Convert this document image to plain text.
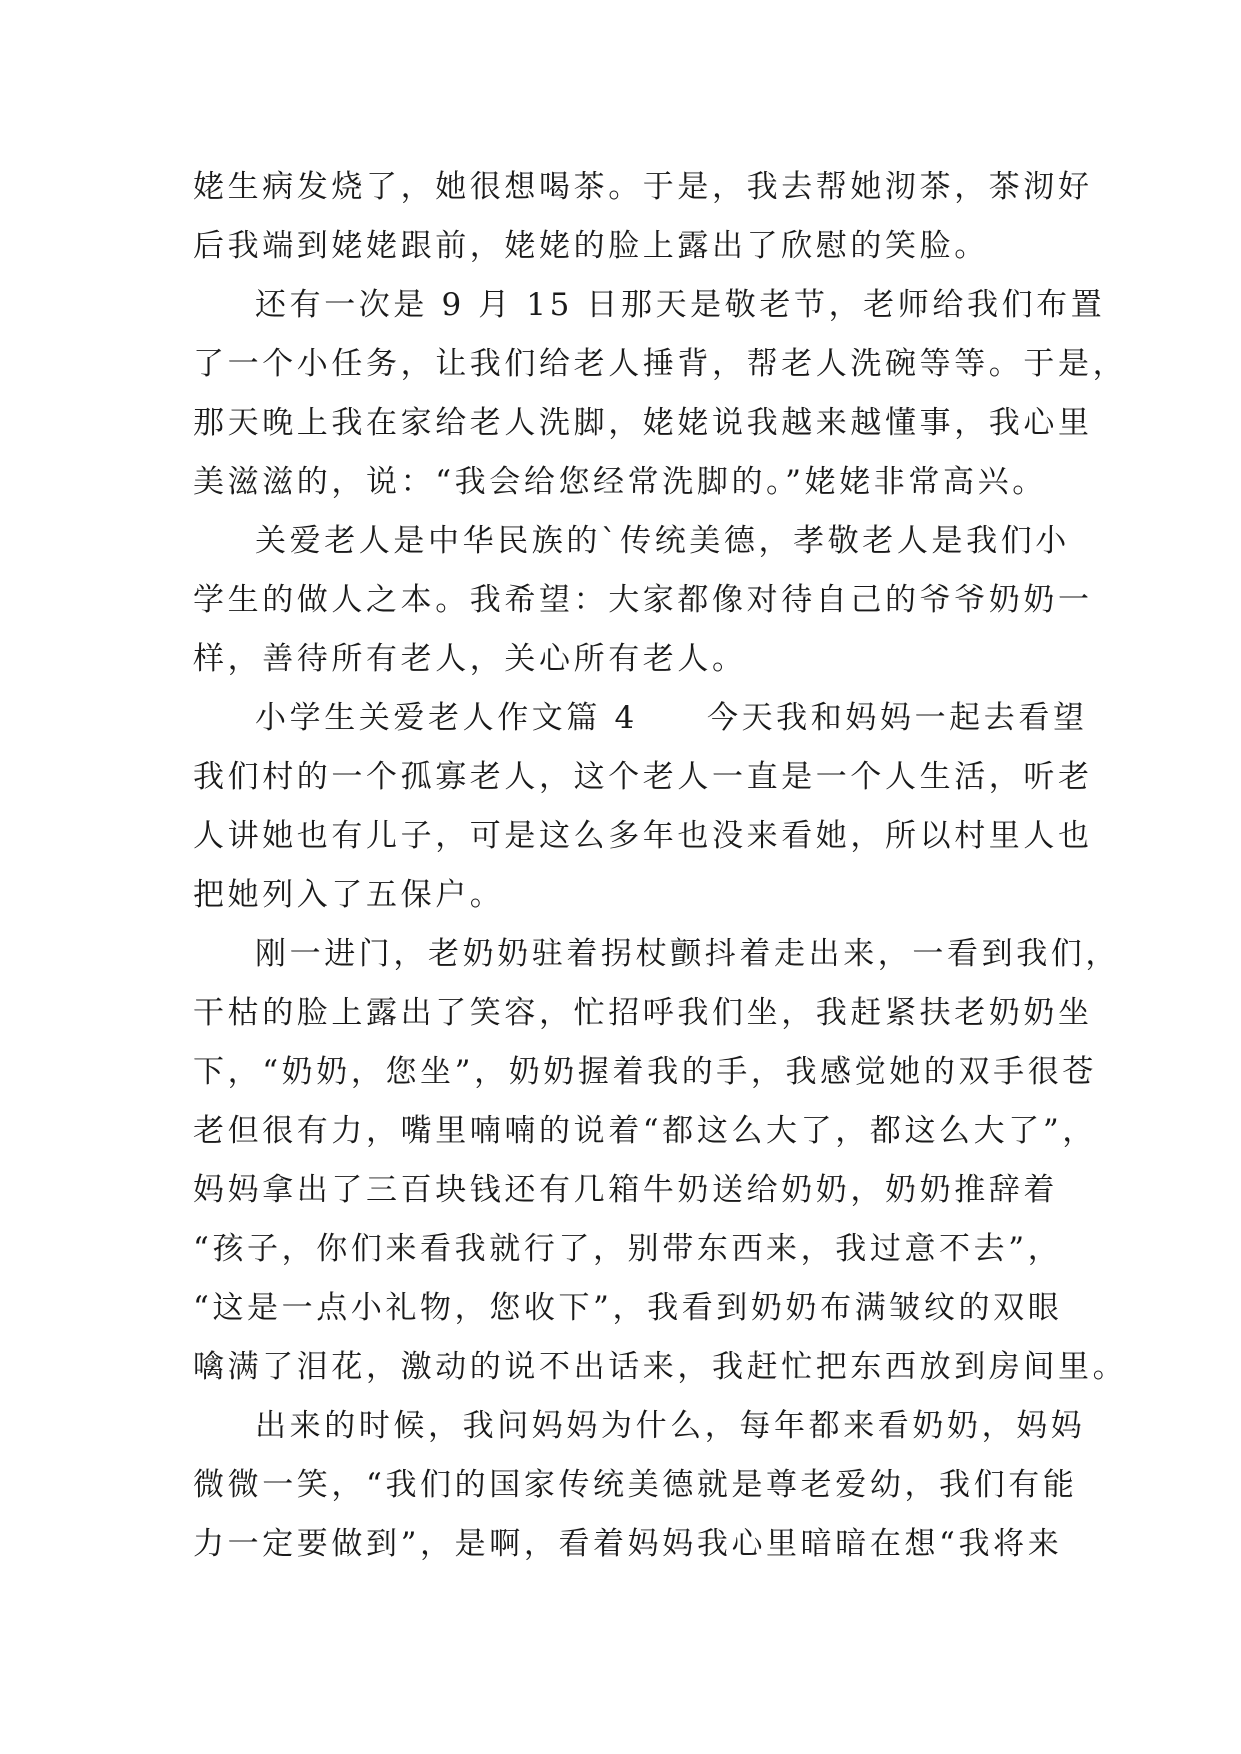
姥生病发烧了，她很想喝茶。于是，我去帮她沏茶，茶沏好
后我端到姥姥跟前，姥姥的脸上露出了欣慰的笑脸。
还有一次是 9 月 15 日那天是敬老节，老师给我们布置
了一个小任务，让我们给老人捶背，帮老人洗碗等等。于是，
那天晚上我在家给老人洗脚，姥姥说我越来越懂事，我心里
美滋滋的，说：“我会给您经常洗脚的。”姥姥非常高兴。
关爱老人是中华民族的`传统美德，孝敬老人是我们小
学生的做人之本。我希望：大家都像对待自己的爷爷奶奶一
样，善待所有老人，关心所有老人。
小学生关爱老人作文篇 4　　今天我和妈妈一起去看望
我们村的一个孤寡老人，这个老人一直是一个人生活，听老
人讲她也有儿子，可是这么多年也没来看她，所以村里人也
把她列入了五保户。
刚一进门，老奶奶驻着拐杖颤抖着走出来，一看到我们，
干枯的脸上露出了笑容，忙招呼我们坐，我赶紧扶老奶奶坐
下，“奶奶，您坐”，奶奶握着我的手，我感觉她的双手很苍
老但很有力，嘴里喃喃的说着“都这么大了，都这么大了”，
妈妈拿出了三百块钱还有几箱牛奶送给奶奶，奶奶推辞着
“孩子，你们来看我就行了，别带东西来，我过意不去”，
“这是一点小礼物，您收下”，我看到奶奶布满皱纹的双眼
噙满了泪花，激动的说不出话来，我赶忙把东西放到房间里。
出来的时候，我问妈妈为什么，每年都来看奶奶，妈妈
微微一笑，“我们的国家传统美德就是尊老爱幼，我们有能
力一定要做到”，是啊，看着妈妈我心里暗暗在想“我将来
